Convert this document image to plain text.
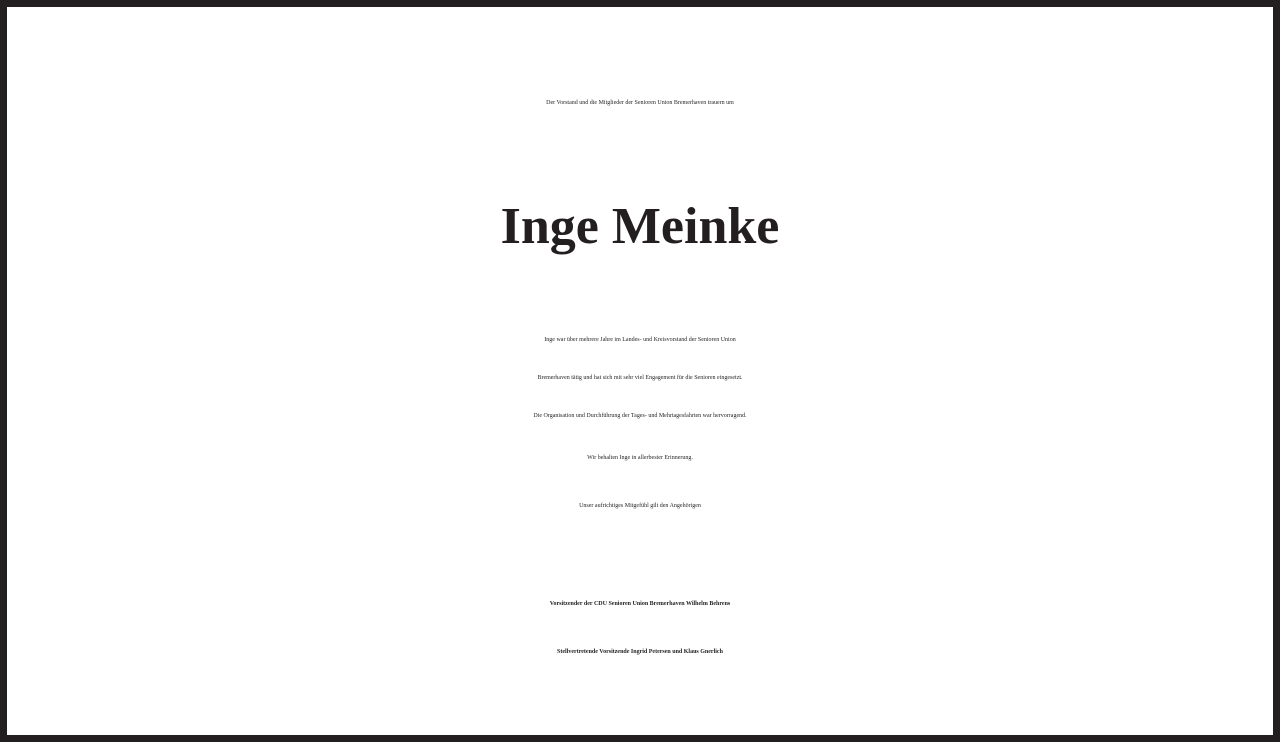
Der Vorstand und die Mitglieder der Senioren Union Bremerhaven trauern um

Inge Meinke
Inge war über mehrere Jahre im Landes- und Kreisvorstand der Senioren Union
Bremerhaven tätig und hat sich mit sehr viel Engagement für die Senioren eingesetzt.
Die Organisation und Durchführung der Tages- und Mehrtagesfahrten war hervorragend.

Wir behalten Inge in allerbester Erinnerung.

Unser aufrichtiges Mitgefühl gilt den Angehörigen

Vorsitzender der CDU Senioren Union Bremerhaven Wilhelm Behrens

Stellvertretende Vorsitzende Ingrid Petersen und Klaus Gnerlich
